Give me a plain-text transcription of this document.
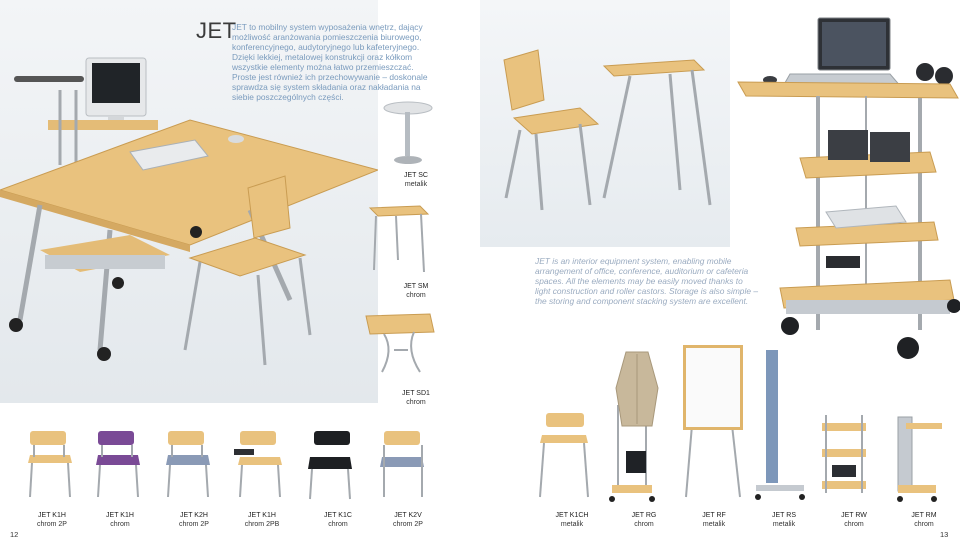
JET
JET to mobilny system wyposażenia wnętrz, dający możliwość aranżowania pomieszczenia biurowego, konferencyjnego, audytoryjnego lub kafeteryjnego. Dzięki lekkiej, metalowej konstrukcji oraz kółkom wszystkie elementy można łatwo przemieszczać. Proste jest również ich przechowywanie – doskonale sprawdza się system składania oraz nakładania na siebie poszczególnych części.
JET SC
metalik
JET SM
chrom
JET SD1
chrom
JET is an interior equipment system, enabling mobile arrangement of office, conference, auditorium or cafeteria spaces. All the elements may be easily moved thanks to light construction and roller castors. Storage is also simple – the storing and component stacking system are excellent.
JET K1H
chrom 2P
JET K1H
chrom
JET K2H
chrom 2P
JET K1H
chrom 2PB
JET K1C
chrom
JET K2V
chrom 2P
JET K1CH
metalik
JET RG
chrom
JET RF
metalik
JET RS
metalik
JET RW
chrom
JET RM
chrom
12	13
